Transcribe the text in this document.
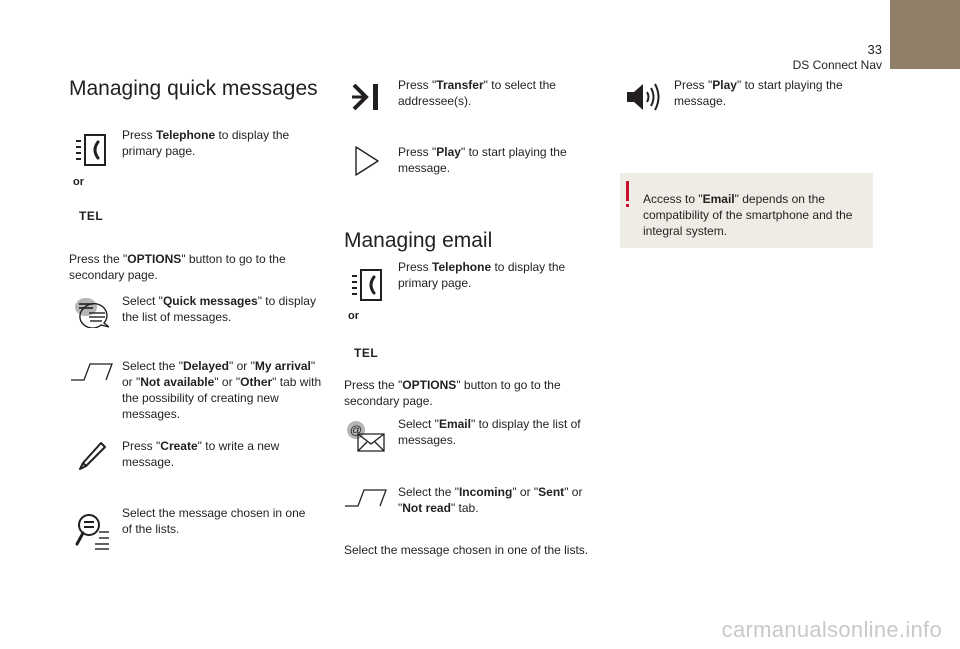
33
DS Connect Nav
Managing quick messages

Press Telephone to display the primary page.

or
TEL

Press the "OPTIONS" button to go to the secondary page.

Select "Quick messages" to display the list of messages.

Select the "Delayed" or "My arrival" or "Not available" or "Other" tab with the possibility of creating new messages.

Press "Create" to write a new message.

Select the message chosen in one of the lists.

Press "Transfer" to select the addressee(s).

Press "Play" to start playing the message.

Managing email

Press Telephone to display the primary page.

or
TEL

Press the "OPTIONS" button to go to the secondary page.

@	Select "Email" to display the list of messages.

Select the "Incoming" or "Sent" or "Not read" tab.

Select the message chosen in one of the lists.

Press "Play" to start playing the message.

Access to "Email" depends on the compatibility of the smartphone and the integral system.

carmanualsonline.info
